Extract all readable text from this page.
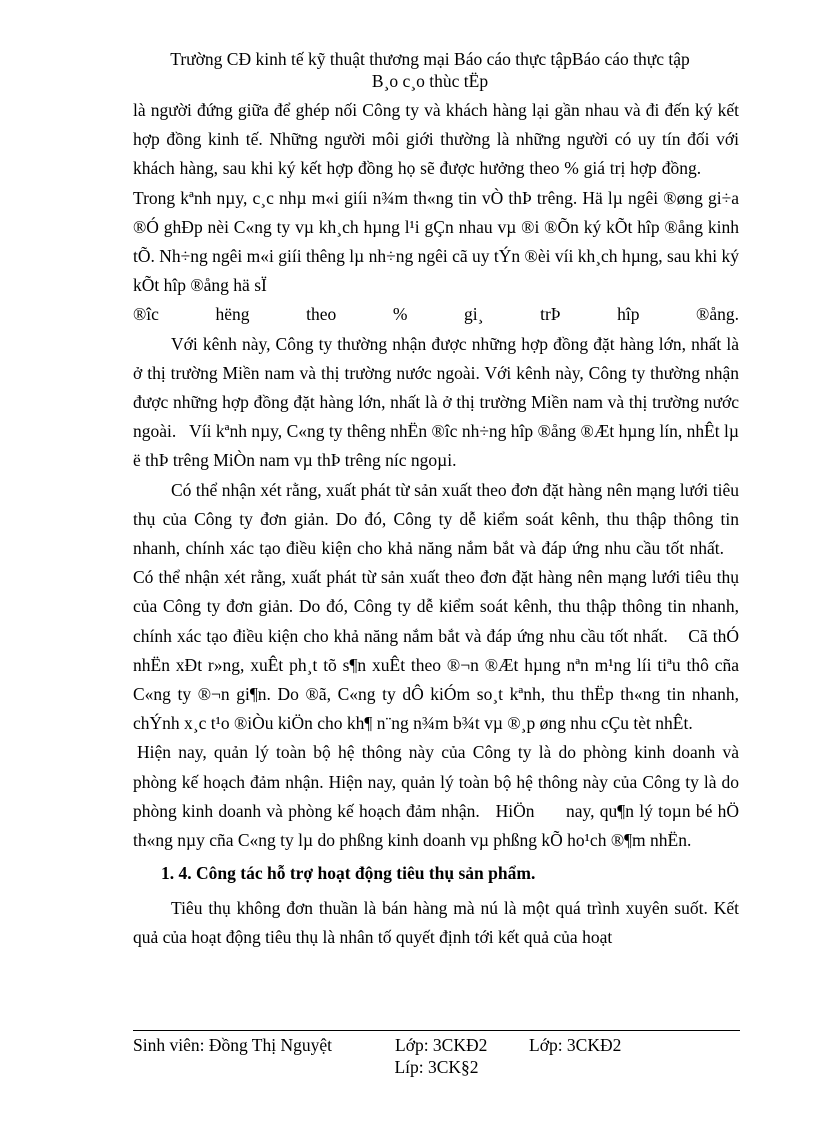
Trường CĐ kinh tế kỹ thuật thương mại Báo cáo thực tậpBáo cáo thực tập
B¸o c¸o thùc tËp

là người đứng giữa để ghép nối Công ty và khách hàng lại gần nhau và đi đến ký kết hợp đồng kinh tế. Những người môi giới thường là những người có uy tín đối với khách hàng, sau khi ký kết hợp đồng họ sẽ được hưởng theo % giá trị hợp đồng.         Trong kªnh nµy, c¸c nhµ m«i giíi n¾m th«ng tin vÒ thÞ trêng. Hä lµ ngêi ®øng gi÷a ®Ó ghÐp nèi C«ng ty vµ kh¸ch hµng l¹i gÇn nhau vµ ®i ®Õn ký kÕt hîp ®ång kinh tÕ. Nh÷ng ngêi m«i giíi thêng lµ nh÷ng ngêi cã uy tÝn ®èi víi kh¸ch hµng, sau khi ký kÕt hîp ®ång hä sÏ

®îc hëng theo % gi¸ trÞ hîp ®ång.

Với kênh này, Công ty thường nhận được những hợp đồng đặt hàng lớn, nhất là ở thị trường Miền nam và thị trường nước ngoài. Với kênh này, Công ty thường nhận được những hợp đồng đặt hàng lớn, nhất là ở thị trường Miền nam và thị trường nước ngoài.   Víi kªnh nµy, C«ng ty thêng nhËn ®îc nh÷ng hîp ®ång ®Æt hµng lín, nhÊt lµ ë thÞ trêng MiÒn nam vµ thÞ trêng níc ngoµi.

Có thể nhận xét rằng, xuất phát từ sản xuất theo đơn đặt hàng nên mạng lưới tiêu thụ của Công ty đơn giản. Do đó, Công ty dễ kiểm soát kênh, thu thập thông tin nhanh, chính xác tạo điều kiện cho khả năng nắm bắt và đáp ứng nhu cầu tốt nhất.    Có thể nhận xét rằng, xuất phát từ sản xuất theo đơn đặt hàng nên mạng lưới tiêu thụ của Công ty đơn giản. Do đó, Công ty dễ kiểm soát kênh, thu thập thông tin nhanh, chính xác tạo điều kiện cho khả năng nắm bắt và đáp ứng nhu cầu tốt nhất.    Cã thÓ nhËn xÐt r»ng, xuÊt ph¸t tõ s¶n xuÊt theo ®¬n ®Æt hµng nªn m¹ng líi tiªu thô cña C«ng ty ®¬n gi¶n. Do ®ã, C«ng ty dÔ kiÓm so¸t kªnh, thu thËp th«ng tin nhanh, chÝnh x¸c t¹o ®iÒu kiÖn cho kh¶ n¨ng n¾m b¾t vµ ®¸p øng nhu cÇu tèt nhÊt.

Hiện nay, quản lý toàn bộ hệ thông này của Công ty là do phòng kinh doanh và phòng kế hoạch đảm nhận. Hiện nay, quản lý toàn bộ hệ thông này của Công ty là do phòng kinh doanh và phòng kế hoạch đảm nhận.   HiÖn      nay, qu¶n lý toµn bé hÖ th«ng nµy cña C«ng ty lµ do phßng kinh doanh vµ phßng kÕ ho¹ch ®¶m nhËn.

1. 4. Công tác hỗ trợ hoạt động tiêu thụ sản phẩm.

Tiêu thụ không đơn thuần là bán hàng mà nú là một quá trình xuyên suốt. Kết quả của hoạt động tiêu thụ là nhân tố quyết định tới kết quả của hoạt

Sinh viên: Đồng Thị Nguyệt	Lớp: 3CKĐ2	Lớp: 3CKĐ2
Líp: 3CK§2
